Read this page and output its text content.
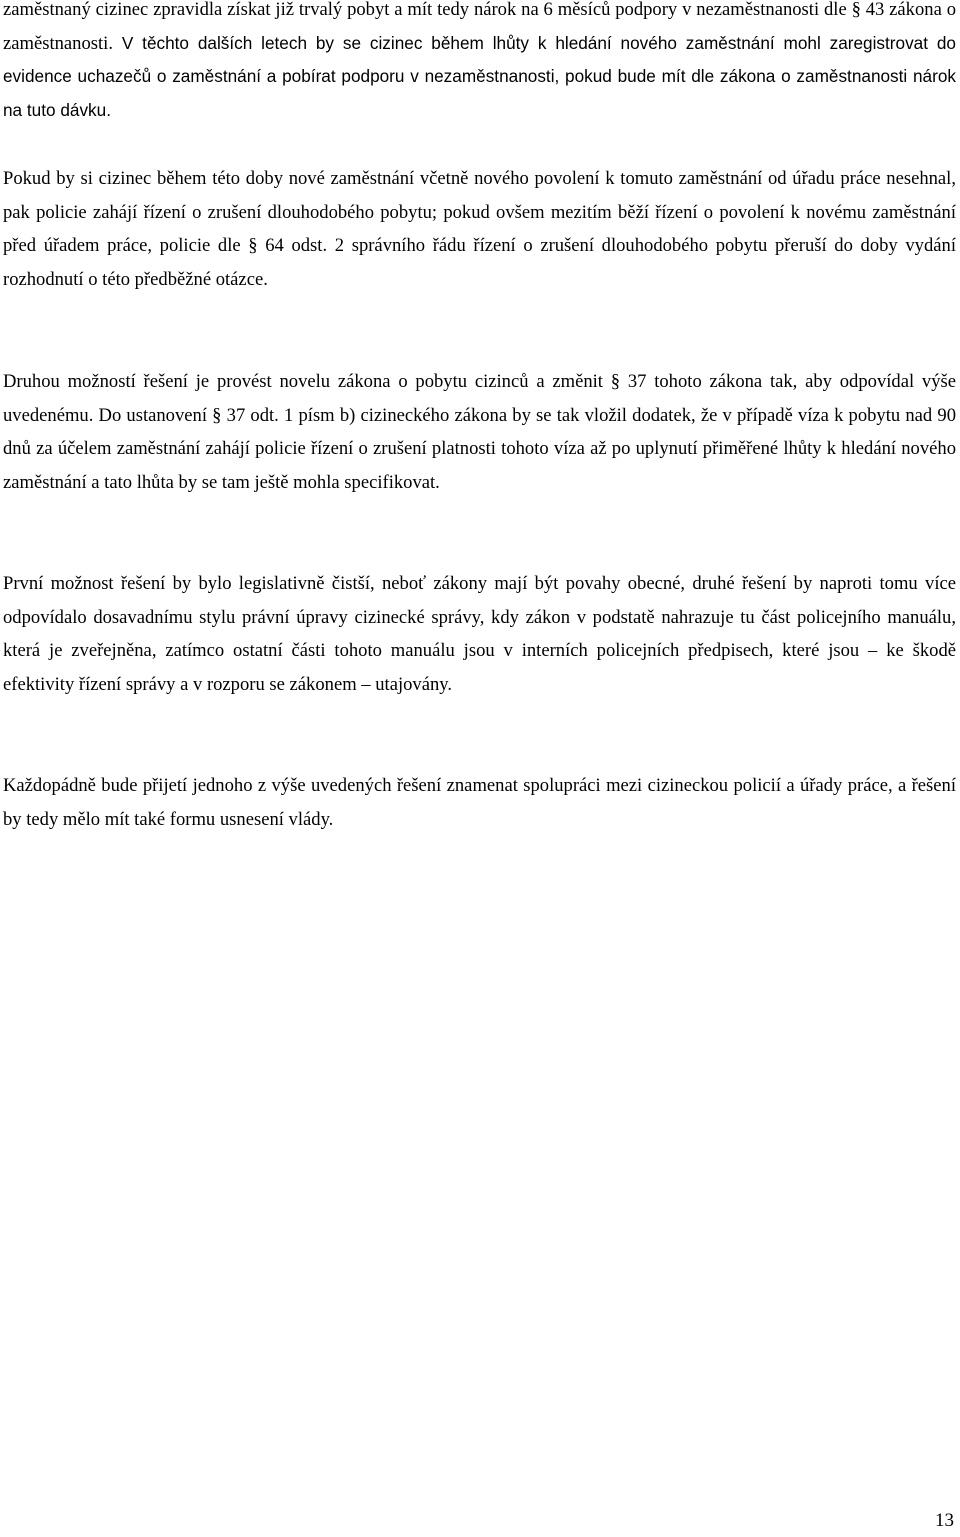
zaměstnaný cizinec zpravidla získat již trvalý pobyt a mít tedy nárok na 6 měsíců podpory v nezaměstnanosti dle § 43 zákona o zaměstnanosti. V těchto dalších letech by se cizinec během lhůty k hledání nového zaměstnání mohl zaregistrovat do evidence uchazečů o zaměstnání a pobírat podporu v nezaměstnanosti, pokud bude mít dle zákona o zaměstnanosti nárok na tuto dávku.

Pokud by si cizinec během této doby nové zaměstnání včetně nového povolení k tomuto zaměstnání od úřadu práce nesehnal, pak policie zahájí řízení o zrušení dlouhodobého pobytu; pokud ovšem mezitím běží řízení o povolení k novému zaměstnání před úřadem práce, policie dle § 64 odst. 2 správního řádu řízení o zrušení dlouhodobého pobytu přeruší do doby vydání rozhodnutí o této předběžné otázce.

Druhou možností řešení je provést novelu zákona o pobytu cizinců a změnit § 37 tohoto zákona tak, aby odpovídal výše uvedenému. Do ustanovení § 37 odt. 1 písm b) cizineckého zákona by se tak vložil dodatek, že v případě víza k pobytu nad 90 dnů za účelem zaměstnání zahájí policie řízení o zrušení platnosti tohoto víza až po uplynutí přiměřené lhůty k hledání nového zaměstnání a tato lhůta by se tam ještě mohla specifikovat.

První možnost řešení by bylo legislativně čistší, neboť zákony mají být povahy obecné, druhé řešení by naproti tomu více odpovídalo dosavadnímu stylu právní úpravy cizinecké správy, kdy zákon v podstatě nahrazuje tu část policejního manuálu, která je zveřejněna, zatímco ostatní části tohoto manuálu jsou v interních policejních předpisech, které jsou – ke škodě efektivity řízení správy a v rozporu se zákonem – utajovány.

Každopádně bude přijetí jednoho z výše uvedených řešení znamenat spolupráci mezi cizineckou policií a úřady práce, a řešení by tedy mělo mít také formu usnesení vlády.

13
